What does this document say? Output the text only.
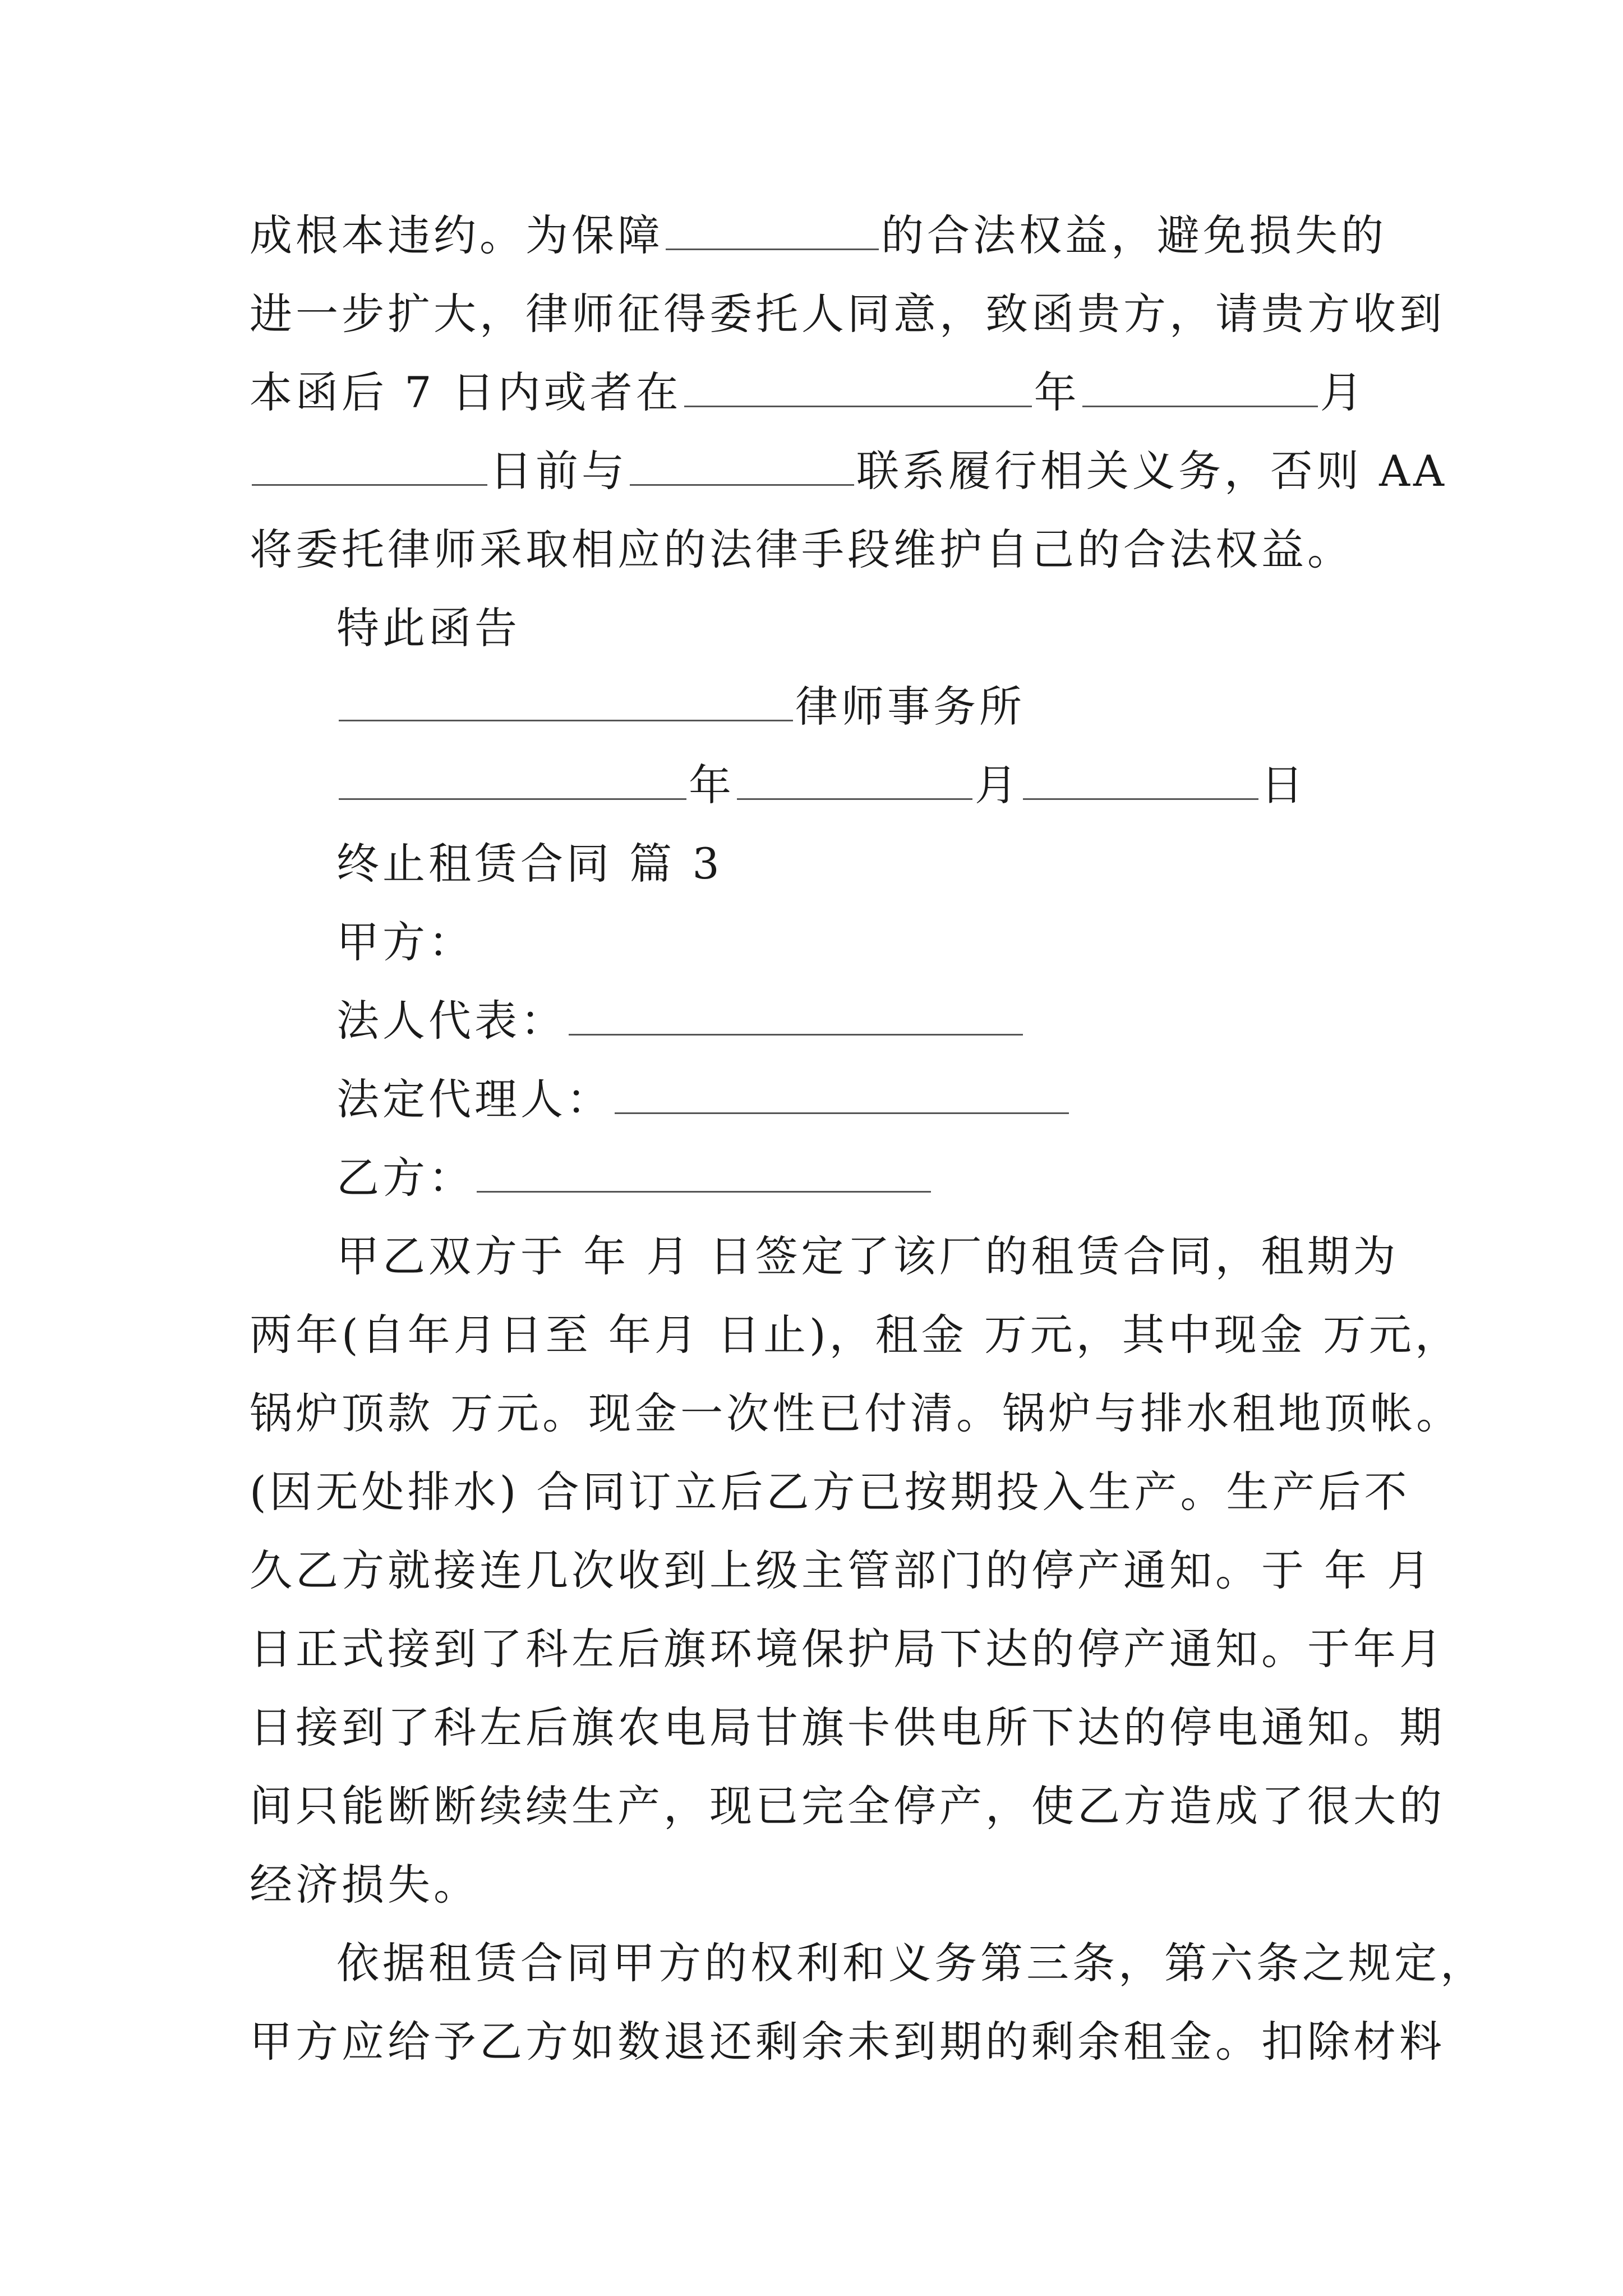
成根本违约。为保障	的合法权益，避免损失的
进一步扩大，律师征得委托人同意，致函贵方，请贵方收到
本函后 7 日内或者在	年	月
日前与	联系履行相关义务，否则 AA
将委托律师采取相应的法律手段维护自己的合法权益。
特此函告
律师事务所
年	月	日
终止租赁合同 篇 3
甲方：
法人代表：
法定代理人：
乙方：
甲乙双方于 年 月 日签定了该厂的租赁合同，租期为
两年(自年月日至 年月 日止)，租金 万元，其中现金 万元，
锅炉顶款 万元。现金一次性已付清。锅炉与排水租地顶帐。
(因无处排水) 合同订立后乙方已按期投入生产。生产后不
久乙方就接连几次收到上级主管部门的停产通知。于 年 月
日正式接到了科左后旗环境保护局下达的停产通知。于年月
日接到了科左后旗农电局甘旗卡供电所下达的停电通知。期
间只能断断续续生产，现已完全停产，使乙方造成了很大的
经济损失。
依据租赁合同甲方的权利和义务第三条，第六条之规定，
甲方应给予乙方如数退还剩余未到期的剩余租金。扣除材料
